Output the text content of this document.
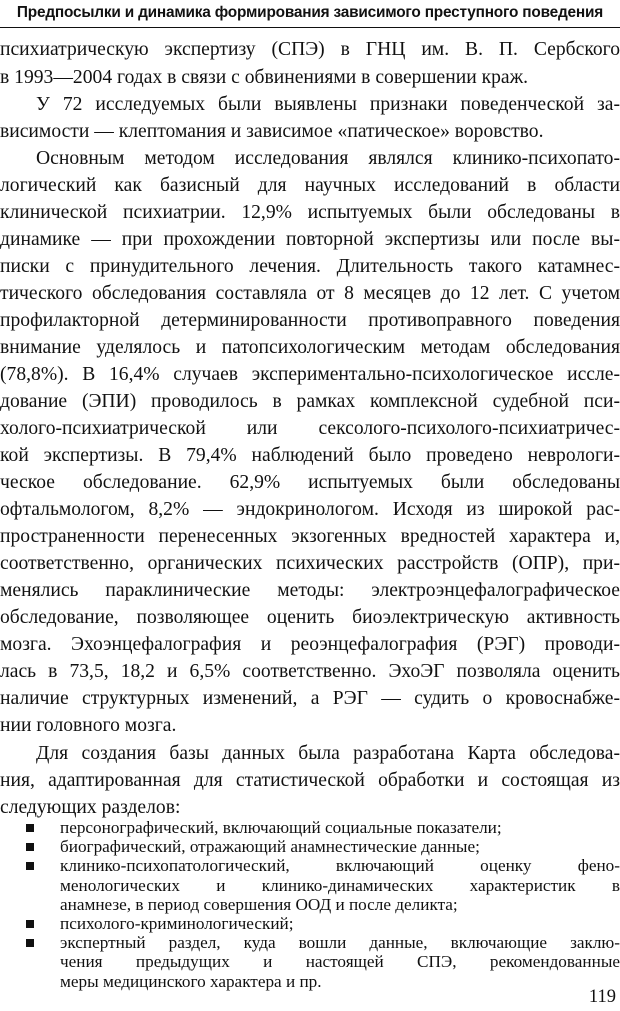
Предпосылки и динамика формирования зависимого преступного поведения
психиатрическую экспертизу (СПЭ) в ГНЦ им. В. П. Сербского
в 1993—2004 годах в связи с обвинениями в совершении краж.
У 72 исследуемых были выявлены признаки поведенческой за-
висимости — клептомания и зависимое «патическое» воровство.
Основным методом исследования являлся клинико-психопато-
логический как базисный для научных исследований в области
клинической психиатрии. 12,9% испытуемых были обследованы в
динамике — при прохождении повторной экспертизы или после вы-
писки с принудительного лечения. Длительность такого катамнес-
тического обследования составляла от 8 месяцев до 12 лет. С учетом
профилакторной детерминированности противоправного поведения
внимание уделялось и патопсихологическим методам обследования
(78,8%). В 16,4% случаев экспериментально-психологическое иссле-
дование (ЭПИ) проводилось в рамках комплексной судебной пси-
холого-психиатрической или сексолого-психолого-психиатричес-
кой экспертизы. В 79,4% наблюдений было проведено неврологи-
ческое обследование. 62,9% испытуемых были обследованы
офтальмологом, 8,2% — эндокринологом. Исходя из широкой рас-
пространенности перенесенных экзогенных вредностей характера и,
соответственно, органических психических расстройств (ОПР), при-
менялись параклинические методы: электроэнцефалографическое
обследование, позволяющее оценить биоэлектрическую активность
мозга. Эхоэнцефалография и реоэнцефалография (РЭГ) проводи-
лась в 73,5, 18,2 и 6,5% соответственно. ЭхоЭГ позволяла оценить
наличие структурных изменений, а РЭГ — судить о кровоснабже-
нии головного мозга.
Для создания базы данных была разработана Карта обследова-
ния, адаптированная для статистической обработки и состоящая из
следующих разделов:
персонографический, включающий социальные показатели;
биографический, отражающий анамнестические данные;
клинико-психопатологический, включающий оценку фено-
менологических и клинико-динамических характеристик в
анамнезе, в период совершения ООД и после деликта;
психолого-криминологический;
119
экспертный раздел, куда вошли данные, включающие заклю-
чения предыдущих и настоящей СПЭ, рекомендованные
меры медицинского характера и пр.
